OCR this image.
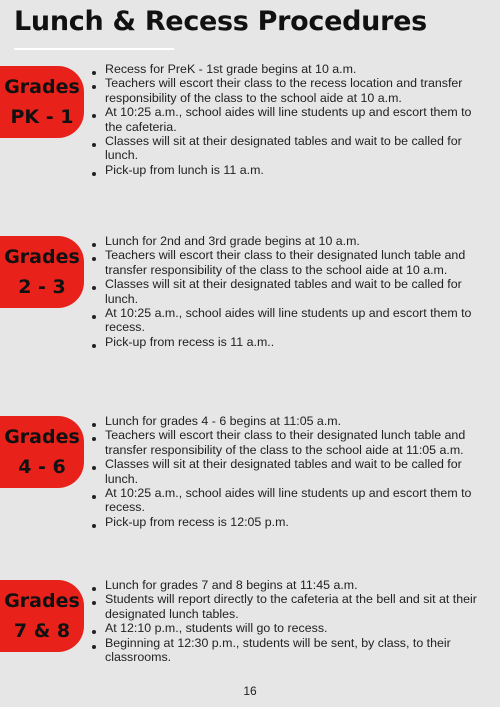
Lunch & Recess Procedures
Grades
PK - 1
Recess for PreK - 1st grade begins at 10 a.m.
Teachers will escort their class to the recess location and transfer responsibility of the class to the school aide at 10 a.m.
At 10:25 a.m., school aides will line students up and escort them to the cafeteria.
Classes will sit at their designated tables and wait to be called for lunch.
Pick-up from lunch is 11 a.m.
Grades
2 - 3
Lunch for 2nd and 3rd grade begins at 10 a.m.
Teachers will escort their class to their designated lunch table and transfer responsibility of the class to the school aide at 10 a.m.
Classes will sit at their designated tables and wait to be called for lunch.
At 10:25 a.m., school aides will line students up and escort them to recess.
Pick-up from recess is 11 a.m..
Grades
4 - 6
Lunch for grades 4 - 6 begins at 11:05 a.m.
Teachers will escort their class to their designated lunch table and transfer responsibility of the class to the school aide at 11:05 a.m.
Classes will sit at their designated tables and wait to be called for lunch.
At 10:25 a.m., school aides will line students up and escort them to recess.
Pick-up from recess is 12:05 p.m.
Grades
7 & 8
Lunch for grades 7 and 8 begins at 11:45 a.m.
Students will report directly to the cafeteria at the bell and sit at their designated lunch tables.
At 12:10 p.m., students will go to recess.
Beginning at 12:30 p.m., students will be sent, by class, to their classrooms.
16
